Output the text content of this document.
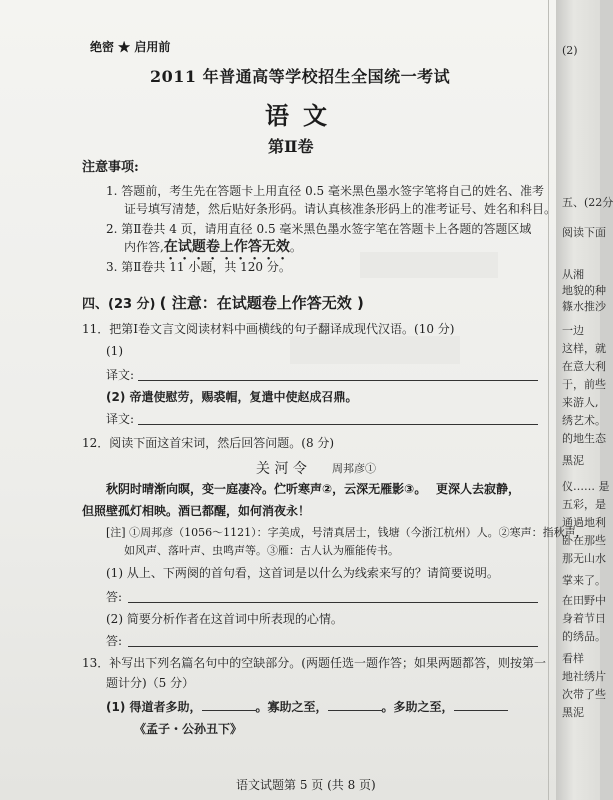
(2)
五、(22分
阅读下面
从湘
地貌的种
篠水推沙
一边
这样，就
在意大利
于，前些
来游人,
绣艺术。
的地生态
黑泥
仪…… 是
五彩，是
通過地利
卧在那些
那无山水
掌来了。
在田野中
身着节日
的绣品。
看样
地社绣片
次带了些
黑泥
绝密 ★ 启用前
2011 年普通高等学校招生全国统一考试
语文
第Ⅱ卷
注意事项:
1. 答题前，考生先在答题卡上用直径 0.5 毫米黑色墨水签字笔将自己的姓名、准考
证号填写清楚，然后贴好条形码。请认真核准条形码上的准考证号、姓名和科目。
2. 第Ⅱ卷共 4 页，请用直径 0.5 毫米黑色墨水签字笔在答题卡上各题的答题区域
内作答,在试题卷上作答无效。
3. 第Ⅱ卷共 11 小题，共 120 分。
四、(23 分) ( 注意：在试题卷上作答无效 )
11．把第Ⅰ卷文言文阅读材料中画横线的句子翻译成现代汉语。(10 分)
(1)
译文:
(2) 帝遣使慰劳，赐裘帽，复遣中使赵成召鼎。
译文:
12．阅读下面这首宋词，然后回答问题。(8 分)
关 河 令 周邦彦①
秋阴时晴渐向暝，变一庭凄冷。伫听寒声②，云深无雁影③。 更深人去寂静，
但照壁孤灯相映。酒已都醒，如何消夜永！
[注] ①周邦彦（1056～1121）：字美成，号清真居士，钱塘（今浙江杭州）人。②寒声：指秋声，
如风声、落叶声、虫鸣声等。③雁：古人认为雁能传书。
(1) 从上、下两阕的首句看，这首词是以什么为线索来写的？请简要说明。
答:
(2) 简要分析作者在这首词中所表现的心情。
答:
13．补写出下列名篇名句中的空缺部分。(两题任选一题作答；如果两题都答，则按第一
题计分)（5 分）
(1) 得道者多助，	。寡助之至，	。多助之至，
《孟子・公孙丑下》
语文试题第 5 页 (共 8 页)
